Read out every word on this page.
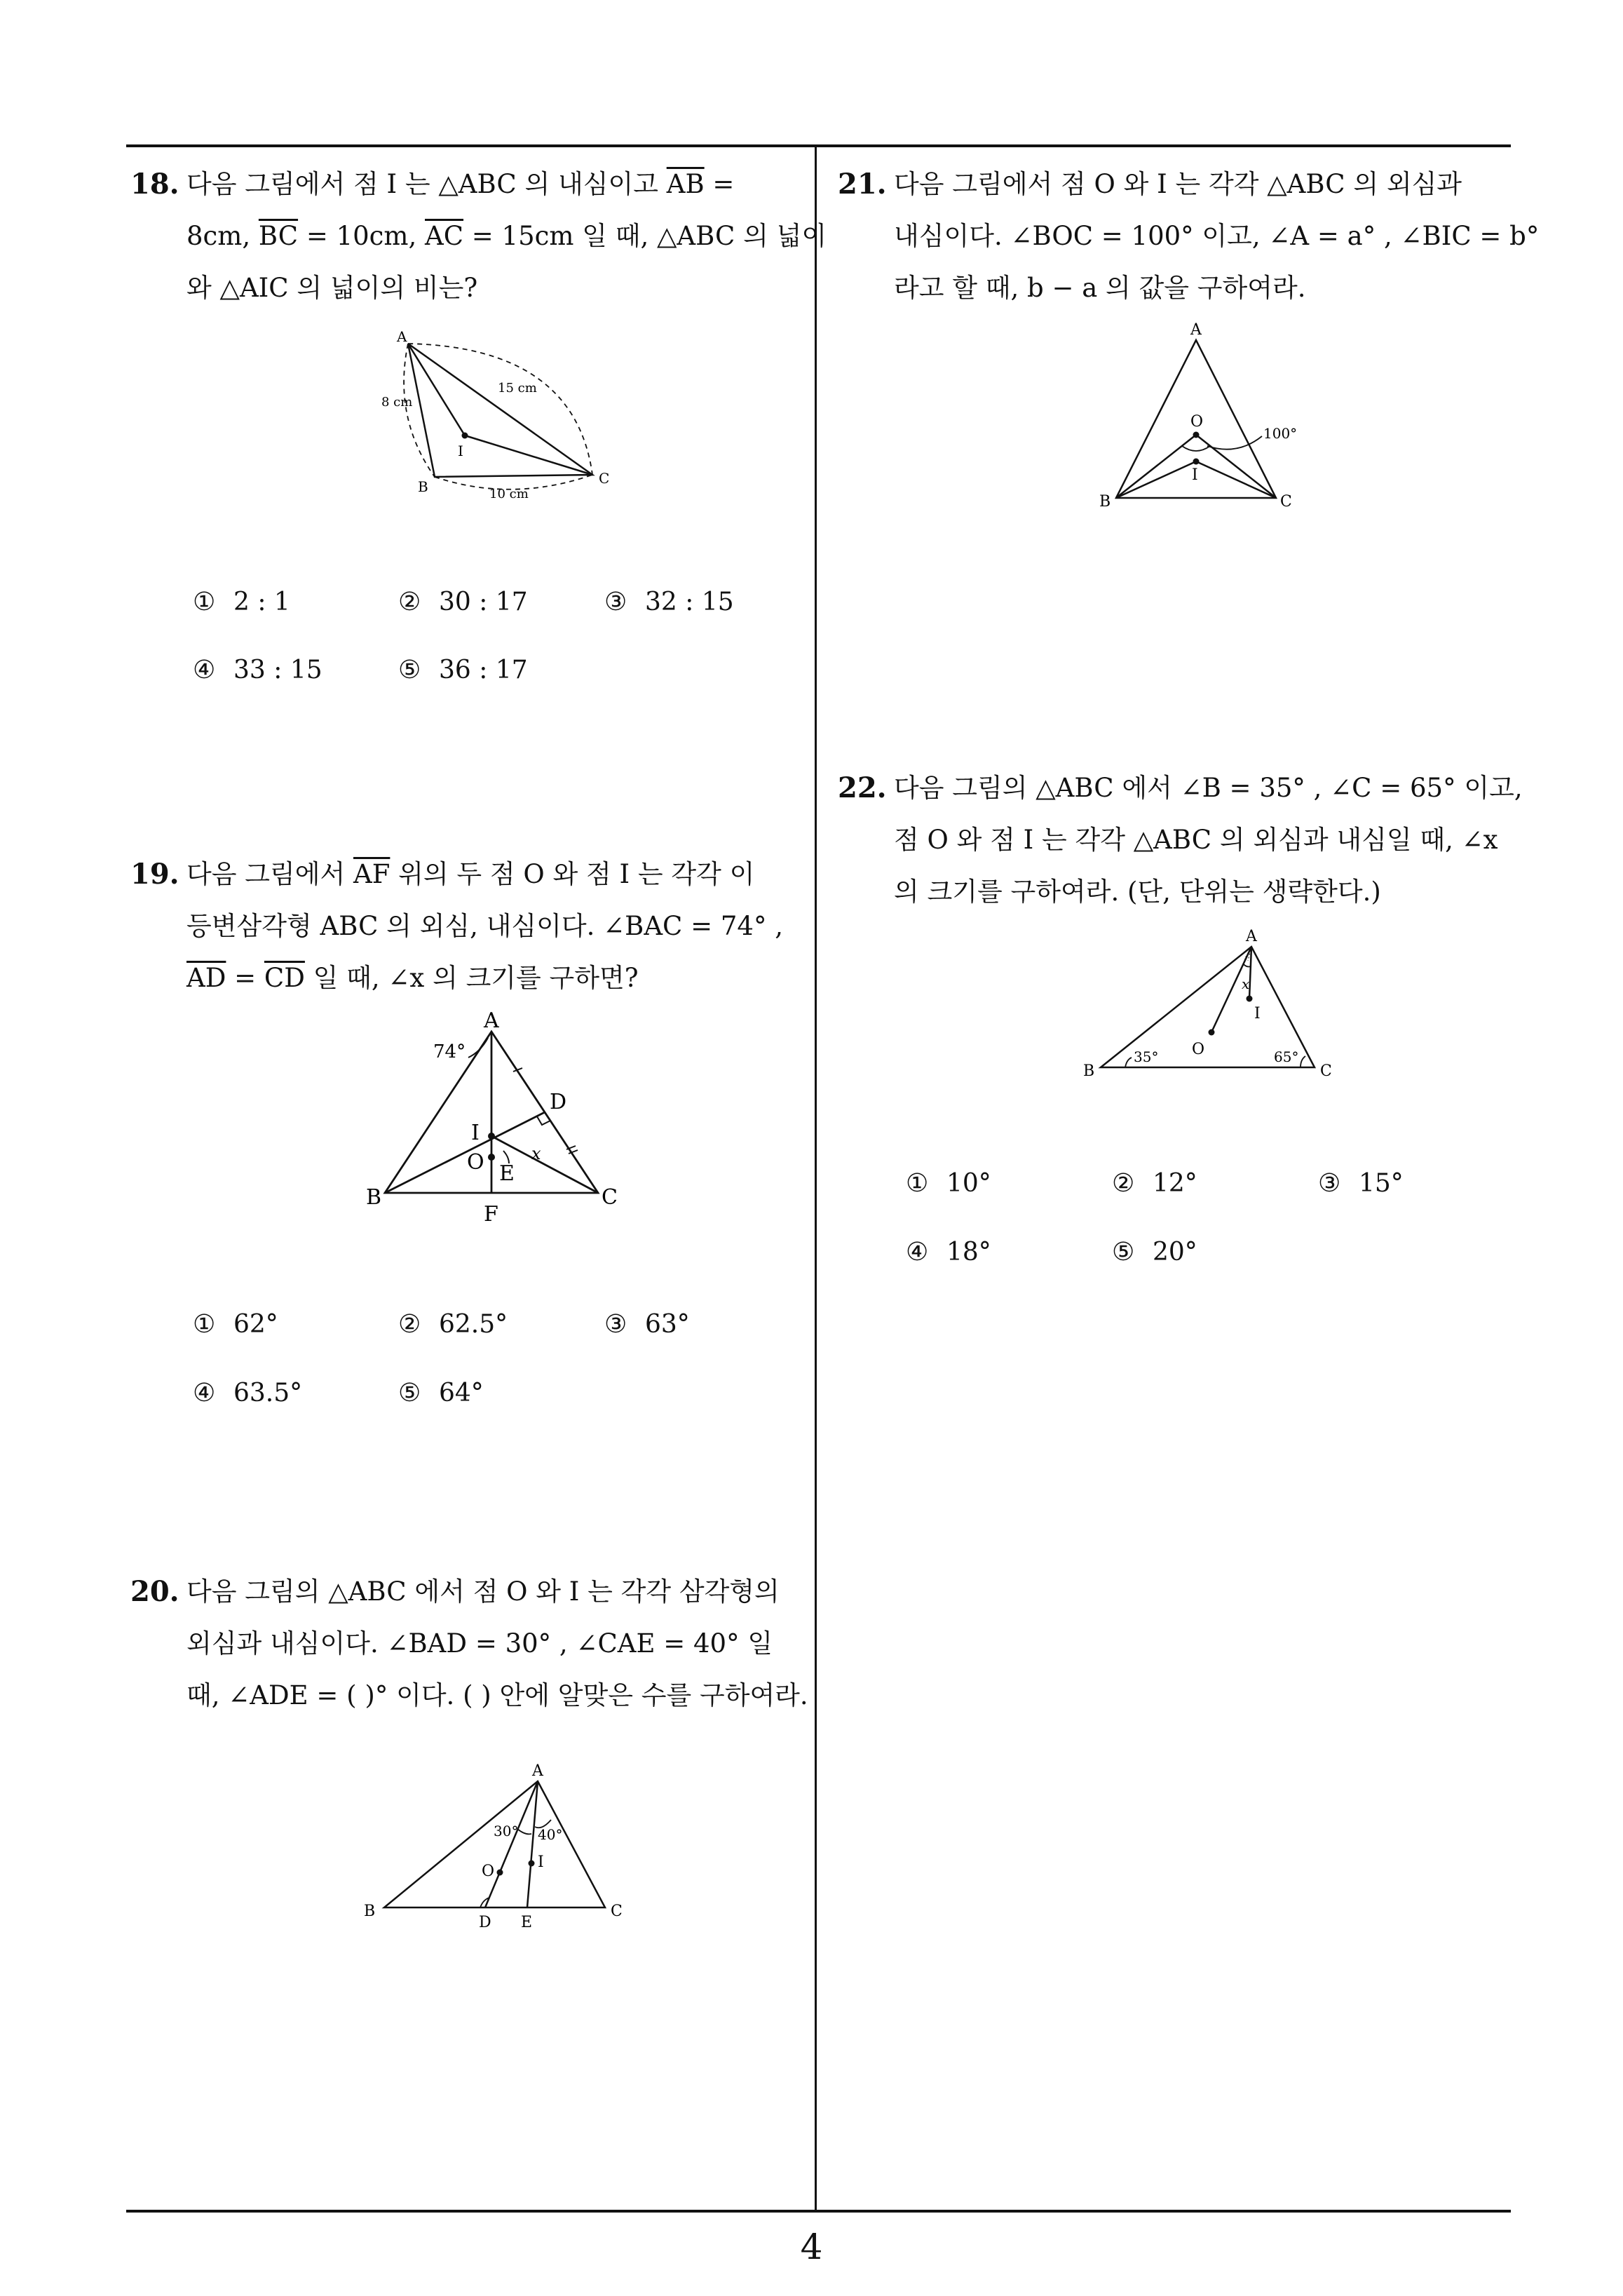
18. 다음 그림에서 점 I 는 △ABC 의 내심이고 $\overline{AB}$ =
8cm, $\overline{BC} = 10cm$, $\overline{AC} = 15cm$ 일 때, △ABC 의 넓이
와 △AIC 의 넓이의 비는?
A
B	C
I
8 cm
15 cm
10 cm
① 2 : 1	② 30 : 17	③ 32 : 15
④ 33 : 15	⑤ 36 : 17
19. 다음 그림에서 $\overline{AF}$ 위의 두 점 O 와 점 I 는 각각 이
등변삼각형 ABC 의 외심, 내심이다. ∠BAC = 74° ,
$\overline{AD} = \overline{CD}$ 일 때, ∠x 의 크기를 구하면?
A
B	C
D
E
F
I
O	x
74°
① 62°	② 62.5°	③ 63°
④ 63.5°	⑤ 64°
20. 다음 그림의 △ABC 에서 점 O 와 I 는 각각 삼각형의
외심과 내심이다. ∠BAD = 30° , ∠CAE = 40° 일
때, ∠ADE = ( )° 이다. ( ) 안에 알맞은 수를 구하여라.
A
B	C
D E
O
I
30° 40°
21. 다음 그림에서 점 O 와 I 는 각각 △ABC 의 외심과
내심이다. ∠BOC = 100° 이고, ∠A = a° , ∠BIC = b°
라고 할 때, b − a 의 값을 구하여라.
A
B	C
O
I
100°
22. 다음 그림의 △ABC 에서 ∠B = 35° , ∠C = 65° 이고,
점 O 와 점 I 는 각각 △ABC 의 외심과 내심일 때, ∠x
의 크기를 구하여라. (단, 단위는 생략한다.)
A
B	C
O
I
x
35°	65°
① 10°	② 12°	③ 15°
④ 18°	⑤ 20°
4
